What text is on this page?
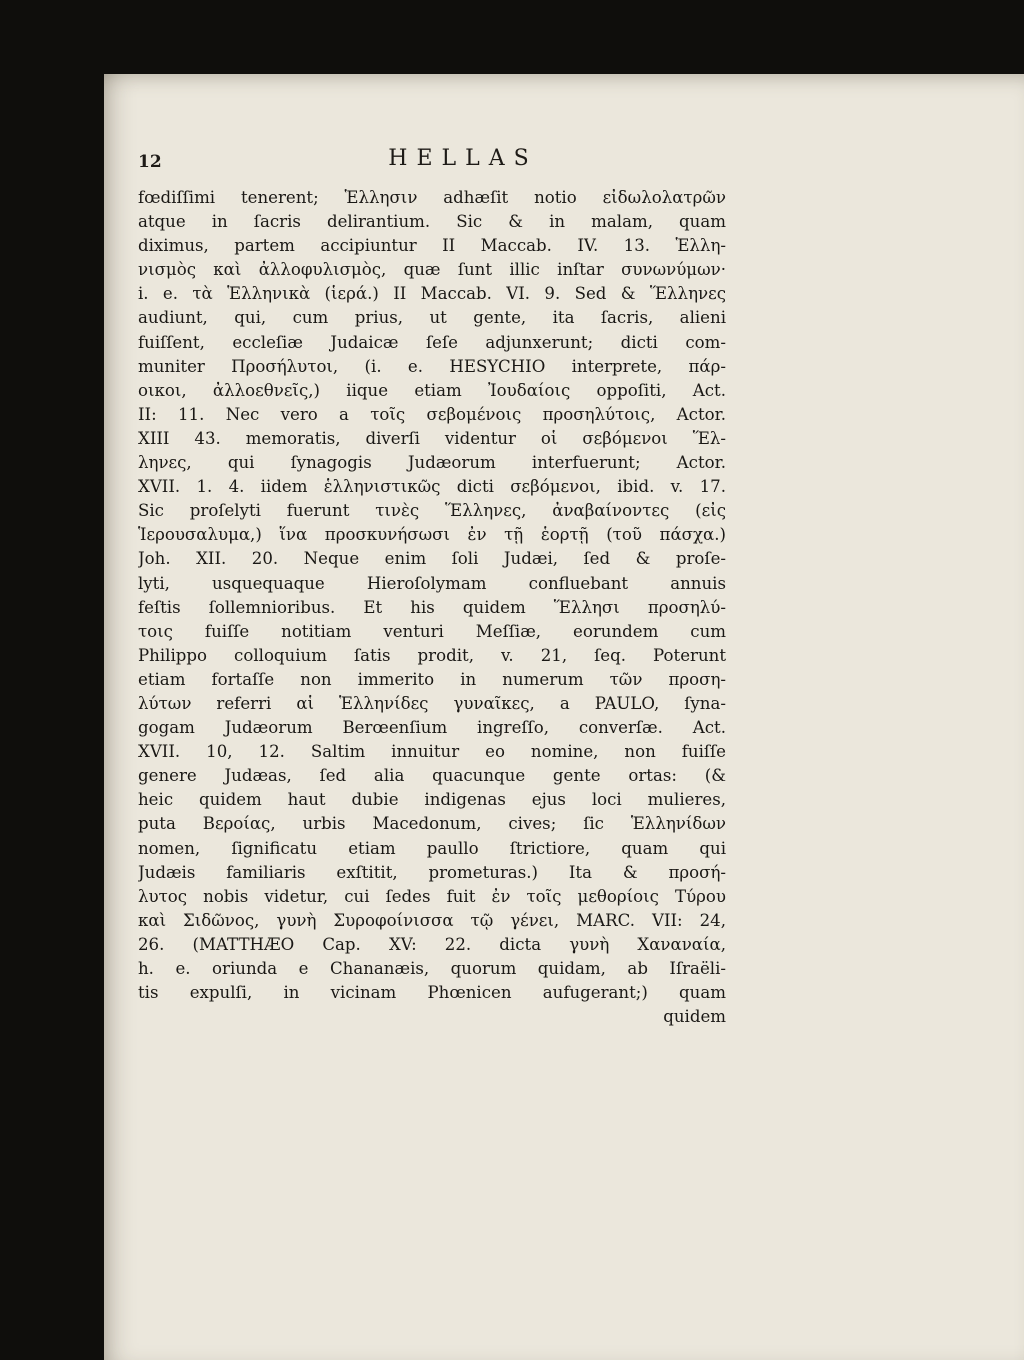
12	HELLAS
fœdiſſimi tenerent; Ἑλλησιν adhæſit notio εἰδωλολατρῶν
atque in ſacris delirantium. Sic & in malam, quam
diximus, partem accipiuntur II Maccab. IV. 13. Ἑλλη-
νισμὸς καὶ ἀλλοφυλισμὸς, quæ ſunt illic inſtar συνωνύμων·
i. e. τὰ Ἑλληνικὰ (ἱερά.) II Maccab. VI. 9. Sed & Ἕλληνες
audiunt, qui, cum prius, ut gente, ita ſacris, alieni
fuiſſent, eccleſiæ Judaicæ ſeſe adjunxerunt; dicti com-
muniter Προσήλυτοι, (i. e. HESYCHIO interprete, πάρ-
οικοι, ἀλλοεθνεῖς,) iique etiam Ἰουδαίοις oppoſiti, Act.
II: 11. Nec vero a τοῖς σεβομένοις προσηλύτοις, Actor.
XIII 43. memoratis, diverſi videntur οἱ σεβόμενοι Ἕλ-
ληνες, qui ſynagogis Judæorum interfuerunt; Actor.
XVII. 1. 4. iidem ἑλληνιστικῶς dicti σεβόμενοι, ibid. v. 17.
Sic proſelyti fuerunt τινὲς Ἕλληνες, ἀναβαίνοντες (εἰς
Ἱερουσαλυμα,) ἵνα προσκυνήσωσι ἐν τῇ ἑορτῇ (τοῦ πάσχα.)
Joh. XII. 20. Neque enim ſoli Judæi, ſed & proſe-
lyti, usquequaque Hieroſolymam confluebant annuis
feſtis ſollemnioribus. Et his quidem Ἕλλησι προσηλύ-
τοις fuiſſe notitiam venturi Meſſiæ, eorundem cum
Philippo colloquium ſatis prodit, v. 21, ſeq. Poterunt
etiam fortaſſe non immerito in numerum τῶν προση-
λύτων referri αἱ Ἑλληνίδες γυναῖκες, a PAULO, ſyna-
gogam Judæorum Berœenſium ingreſſo, converſæ. Act.
XVII. 10, 12. Saltim innuitur eo nomine, non fuiſſe
genere Judæas, ſed alia quacunque gente ortas: (&
heic quidem haut dubie indigenas ejus loci mulieres,
puta Βεροίας, urbis Macedonum, cives; ſic Ἑλληνίδων
nomen, ſignificatu etiam paullo ſtrictiore, quam qui
Judæis familiaris exſtitit, prometuras.) Ita & προσή-
λυτος nobis videtur, cui ſedes fuit ἐν τοῖς μεθορίοις Τύρου
καὶ Σιδῶνος, γυνὴ Συροφοίνισσα τῷ γένει, MARC. VII: 24,
26. (MATTHÆO Cap. XV: 22. dicta γυνὴ Χαναναία,
h. e. oriunda e Chananæis, quorum quidam, ab Iſraëli-
tis expulſi, in vicinam Phœnicen aufugerant;) quam
quidem
